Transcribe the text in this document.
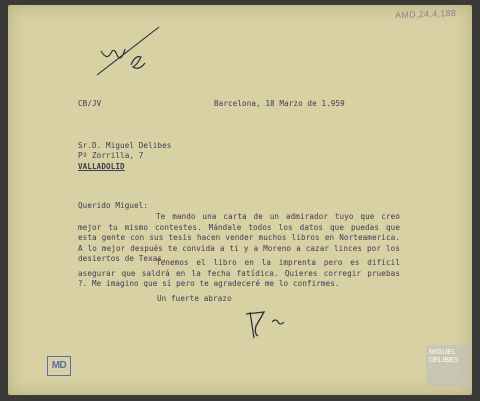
AMD,24,4,188
CB/JV	Barcelona, 18 Marzo de 1.959
Sr.D. Miguel Delibes
Pº Zorrilla, 7
VALLADOLID
Querido Miguel:
Te mando una carta de un admirador tuyo que creo mejor tu mismo contestes. Mándale todos los datos que puedas que esta gente con sus tesis hacen vender muchos libros en Norteamerica. A lo mejor después te convida a ti y a Moreno a cazar linces por los desiertos de Texas.
Tenemos el libro en la imprenta pero es difícil asegurar que saldrá en la fecha fatídica. Quieres corregir pruebas ?. Me imagino que sí pero te agradeceré me lo confirmes.
Un fuerte abrazo
MD
MIGUEL
DELIBES
